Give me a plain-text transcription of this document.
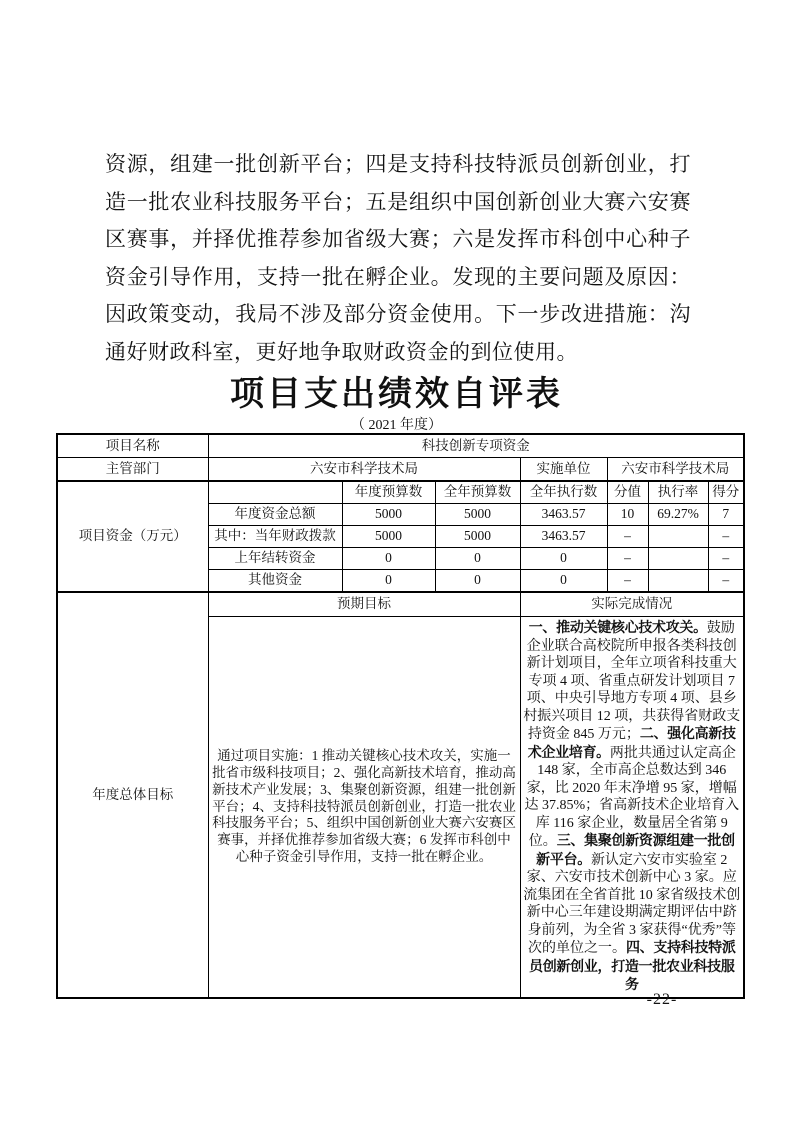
资源，组建一批创新平台；四是支持科技特派员创新创业，打造一批农业科技服务平台；五是组织中国创新创业大赛六安赛区赛事，并择优推荐参加省级大赛；六是发挥市科创中心种子资金引导作用，支持一批在孵企业。发现的主要问题及原因：因政策变动，我局不涉及部分资金使用。下一步改进措施：沟通好财政科室，更好地争取财政资金的到位使用。

项目支出绩效自评表
（ 2021 年度）
项目名称	科技创新专项资金						
主管部门	六安市科学技术局			实施单位	六安市科学技术局		
项目资金（万元）		年度预算数	全年预算数	全年执行数	分值	执行率	得分
	年度资金总额	5000	5000	3463.57	10	69.27%	7
	其中：当年财政拨款	5000	5000	3463.57	–		–
	上年结转资金	0	0	0	–		–
	其他资金	0	0	0	–		–
年度总体目标	预期目标			实际完成情况			
	通过项目实施：1 推动关键核心技术攻关，实施一批省市级科技项目；2、强化高新技术培育，推动高新技术产业发展；3、集聚创新资源，组建一批创新平台；4、支持科技特派员创新创业，打造一批农业科技服务平台；5、组织中国创新创业大赛六安赛区赛事，并择优推荐参加省级大赛；6 发挥市科创中心种子资金引导作用，支持一批在孵企业。			一、推动关键核心技术攻关。鼓励企业联合高校院所申报各类科技创新计划项目，全年立项省科技重大专项 4 项、省重点研发计划项目 7 项、中央引导地方专项 4 项、县乡村振兴项目 12 项，共获得省财政支持资金 845 万元；二、强化高新技术企业培育。两批共通过认定高企 148 家，全市高企总数达到 346 家，比 2020 年末净增 95 家，增幅达 37.85%；省高新技术企业培育入库 116 家企业，数量居全省第 9 位。三、集聚创新资源组建一批创新平台。新认定六安市实验室 2 家、六安市技术创新中心 3 家。应流集团在全省首批 10 家省级技术创新中心三年建设期满定期评估中跻身前列，为全省 3 家获得“优秀”等次的单位之一。四、支持科技特派员创新创业，打造一批农业科技服务			
-22-
